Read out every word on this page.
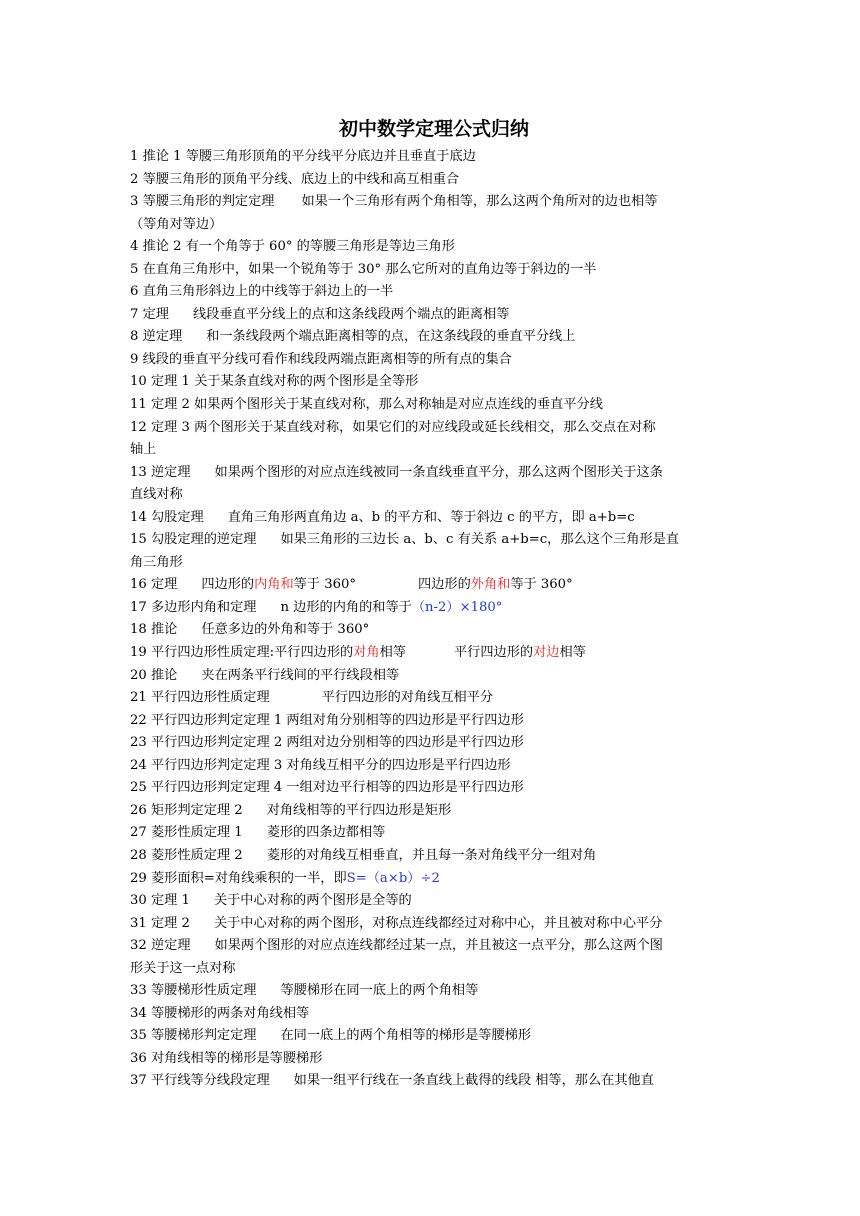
初中数学定理公式归纳
1 推论 1 等腰三角形顶角的平分线平分底边并且垂直于底边
2 等腰三角形的顶角平分线、底边上的中线和高互相重合
3 等腰三角形的判定定理 如果一个三角形有两个角相等，那么这两个角所对的边也相等
（等角对等边）
4 推论 2 有一个角等于 60° 的等腰三角形是等边三角形
5 在直角三角形中，如果一个锐角等于 30° 那么它所对的直角边等于斜边的一半
6 直角三角形斜边上的中线等于斜边上的一半
7 定理 线段垂直平分线上的点和这条线段两个端点的距离相等
8 逆定理 和一条线段两个端点距离相等的点，在这条线段的垂直平分线上
9 线段的垂直平分线可看作和线段两端点距离相等的所有点的集合
10 定理 1 关于某条直线对称的两个图形是全等形
11 定理 2 如果两个图形关于某直线对称，那么对称轴是对应点连线的垂直平分线
12 定理 3 两个图形关于某直线对称，如果它们的对应线段或延长线相交，那么交点在对称
轴上
13 逆定理 如果两个图形的对应点连线被同一条直线垂直平分，那么这两个图形关于这条
直线对称
14 勾股定理 直角三角形两直角边 a、b 的平方和、等于斜边 c 的平方，即 a+b=c
15 勾股定理的逆定理 如果三角形的三边长 a、b、c 有关系 a+b=c，那么这个三角形是直
角三角形
16 定理 四边形的内角和等于 360°	四边形的外角和等于 360°
17 多边形内角和定理 n 边形的内角的和等于（n-2）×180°
18 推论 任意多边的外角和等于 360°
19 平行四边形性质定理:平行四边形的对角相等	平行四边形的对边相等
20 推论 夹在两条平行线间的平行线段相等
21 平行四边形性质定理	平行四边形的对角线互相平分
22 平行四边形判定定理 1 两组对角分别相等的四边形是平行四边形
23 平行四边形判定定理 2 两组对边分别相等的四边形是平行四边形
24 平行四边形判定定理 3 对角线互相平分的四边形是平行四边形
25 平行四边形判定定理 4 一组对边平行相等的四边形是平行四边形
26 矩形判定定理 2 对角线相等的平行四边形是矩形
27 菱形性质定理 1 菱形的四条边都相等
28 菱形性质定理 2 菱形的对角线互相垂直，并且每一条对角线平分一组对角
29 菱形面积=对角线乘积的一半，即S=（a×b）÷2
30 定理 1 关于中心对称的两个图形是全等的
31 定理 2 关于中心对称的两个图形，对称点连线都经过对称中心，并且被对称中心平分
32 逆定理 如果两个图形的对应点连线都经过某一点，并且被这一点平分，那么这两个图
形关于这一点对称
33 等腰梯形性质定理 等腰梯形在同一底上的两个角相等
34 等腰梯形的两条对角线相等
35 等腰梯形判定定理 在同一底上的两个角相等的梯形是等腰梯形
36 对角线相等的梯形是等腰梯形
37 平行线等分线段定理 如果一组平行线在一条直线上截得的线段 相等，那么在其他直
